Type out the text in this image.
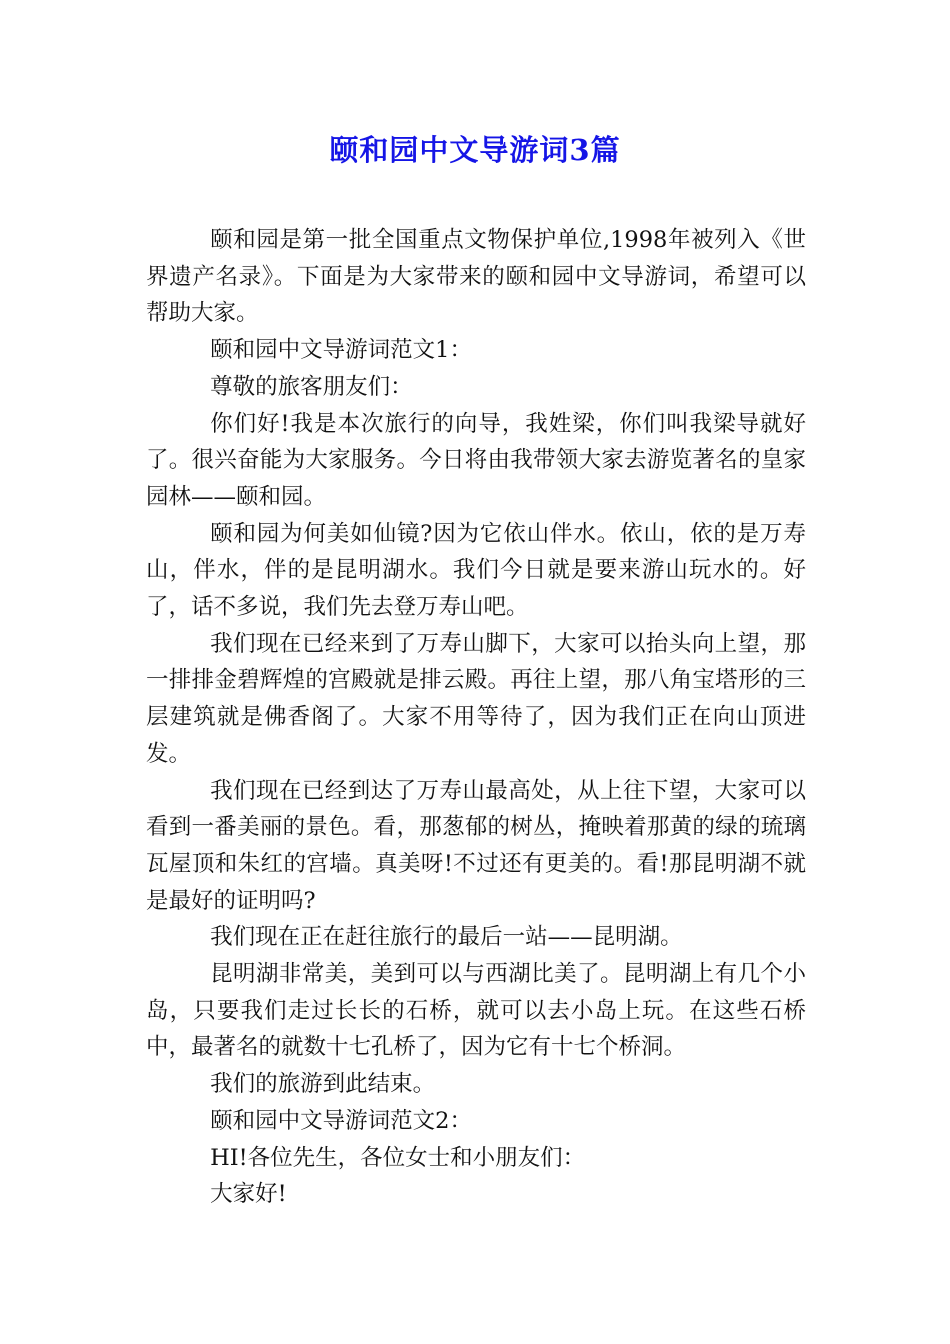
颐和园中文导游词3篇

颐和园是第一批全国重点文物保护单位,1998年被列入《世界遗产名录》。下面是为大家带来的颐和园中文导游词，希望可以帮助大家。

颐和园中文导游词范文1：

尊敬的旅客朋友们：

你们好!我是本次旅行的向导，我姓梁，你们叫我梁导就好了。很兴奋能为大家服务。今日将由我带领大家去游览著名的皇家园林——颐和园。

颐和园为何美如仙镜?因为它依山伴水。依山，依的是万寿山，伴水，伴的是昆明湖水。我们今日就是要来游山玩水的。好了，话不多说，我们先去登万寿山吧。

我们现在已经来到了万寿山脚下，大家可以抬头向上望，那一排排金碧辉煌的宫殿就是排云殿。再往上望，那八角宝塔形的三层建筑就是佛香阁了。大家不用等待了，因为我们正在向山顶进发。

我们现在已经到达了万寿山最高处，从上往下望，大家可以看到一番美丽的景色。看，那葱郁的树丛，掩映着那黄的绿的琉璃瓦屋顶和朱红的宫墙。真美呀!不过还有更美的。看!那昆明湖不就是最好的证明吗?

我们现在正在赶往旅行的最后一站——昆明湖。

昆明湖非常美，美到可以与西湖比美了。昆明湖上有几个小岛，只要我们走过长长的石桥，就可以去小岛上玩。在这些石桥中，最著名的就数十七孔桥了，因为它有十七个桥洞。

我们的旅游到此结束。

颐和园中文导游词范文2：

HI!各位先生，各位女士和小朋友们：

大家好!
